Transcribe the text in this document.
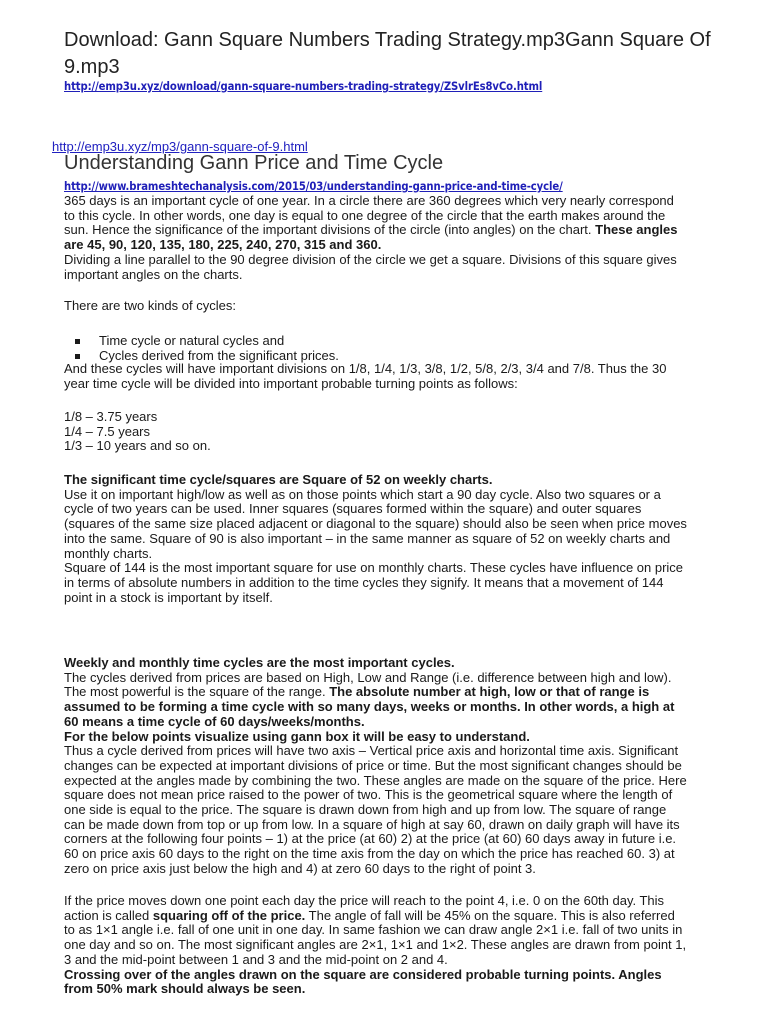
Download: Gann Square Numbers Trading Strategy.mp3Gann Square Of
9.mp3
http://emp3u.xyz/download/gann-square-numbers-trading-strategy/ZSvlrEs8vCo.html
http://emp3u.xyz/mp3/gann-square-of-9.html
Understanding Gann Price and Time Cycle
http://www.brameshtechanalysis.com/2015/03/understanding-gann-price-and-time-cycle/
365 days is an important cycle of one year. In a circle there are 360 degrees which very nearly correspond
to this cycle. In other words, one day is equal to one degree of the circle that the earth makes around the
sun. Hence the significance of the important divisions of the circle (into angles) on the chart. These angles
are 45, 90, 120, 135, 180, 225, 240, 270, 315 and 360.
Dividing a line parallel to the 90 degree division of the circle we get a square. Divisions of this square gives
important angles on the charts.
There are two kinds of cycles:
Time cycle or natural cycles and
Cycles derived from the significant prices.
And these cycles will have important divisions on 1/8, 1/4, 1/3, 3/8, 1/2, 5/8, 2/3, 3/4 and 7/8. Thus the 30
year time cycle will be divided into important probable turning points as follows:
1/8 – 3.75 years
1/4 – 7.5 years
1/3 – 10 years and so on.
The significant time cycle/squares are Square of 52 on weekly charts.
Use it on important high/low as well as on those points which start a 90 day cycle. Also two squares or a
cycle of two years can be used. Inner squares (squares formed within the square) and outer squares
(squares of the same size placed adjacent or diagonal to the square) should also be seen when price moves
into the same. Square of 90 is also important – in the same manner as square of 52 on weekly charts and
monthly charts.
Square of 144 is the most important square for use on monthly charts. These cycles have influence on price
in terms of absolute numbers in addition to the time cycles they signify. It means that a movement of 144
point in a stock is important by itself.
Weekly and monthly time cycles are the most important cycles.
The cycles derived from prices are based on High, Low and Range (i.e. difference between high and low).
The most powerful is the square of the range. The absolute number at high, low or that of range is
assumed to be forming a time cycle with so many days, weeks or months. In other words, a high at
60 means a time cycle of 60 days/weeks/months.
For the below points visualize using gann box it will be easy to understand.
Thus a cycle derived from prices will have two axis – Vertical price axis and horizontal time axis. Significant
changes can be expected at important divisions of price or time. But the most significant changes should be
expected at the angles made by combining the two. These angles are made on the square of the price. Here
square does not mean price raised to the power of two. This is the geometrical square where the length of
one side is equal to the price. The square is drawn down from high and up from low. The square of range
can be made down from top or up from low. In a square of high at say 60, drawn on daily graph will have its
corners at the following four points – 1) at the price (at 60) 2) at the price (at 60) 60 days away in future i.e.
60 on price axis 60 days to the right on the time axis from the day on which the price has reached 60. 3) at
zero on price axis just below the high and 4) at zero 60 days to the right of point 3.
If the price moves down one point each day the price will reach to the point 4, i.e. 0 on the 60th day. This
action is called squaring off of the price. The angle of fall will be 45% on the square. This is also referred
to as 1×1 angle i.e. fall of one unit in one day. In same fashion we can draw angle 2×1 i.e. fall of two units in
one day and so on. The most significant angles are 2×1, 1×1 and 1×2. These angles are drawn from point 1,
3 and the mid-point between 1 and 3 and the mid-point on 2 and 4.
Crossing over of the angles drawn on the square are considered probable turning points. Angles
from 50% mark should always be seen.
